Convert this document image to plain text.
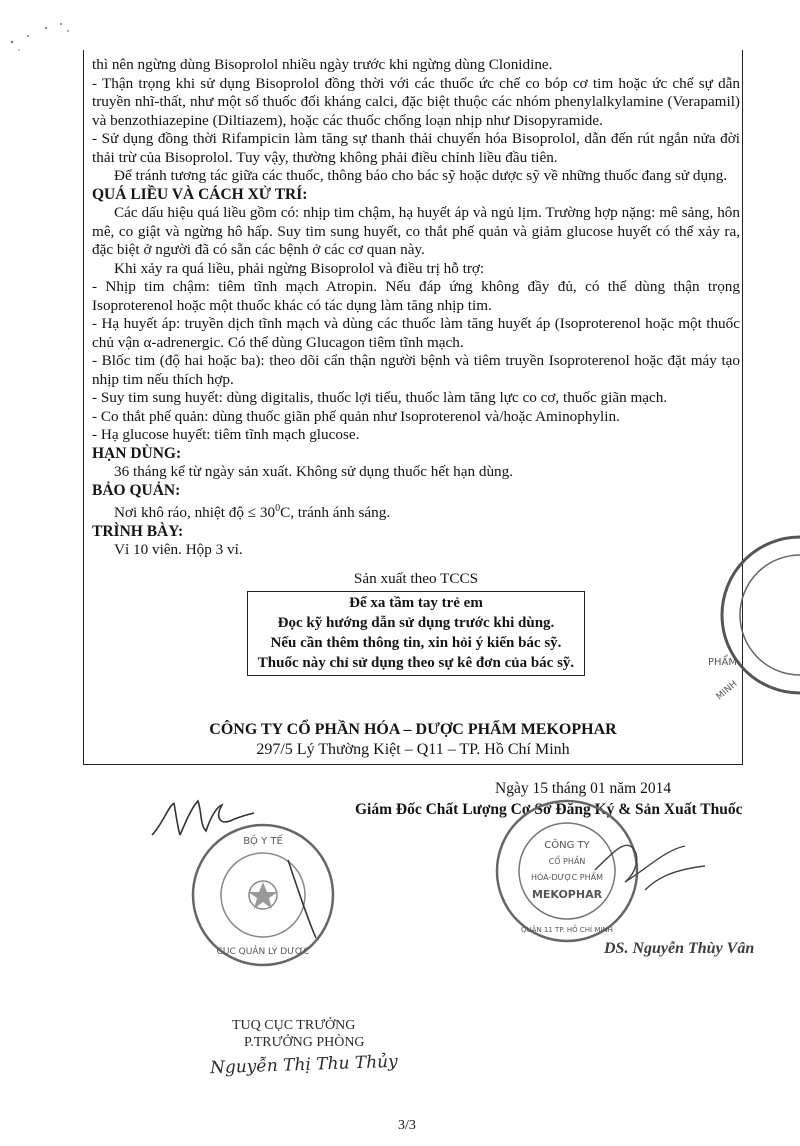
thì nên ngừng dùng Bisoprolol nhiều ngày trước khi ngừng dùng Clonidine.

- Thận trọng khi sử dụng Bisoprolol đồng thời với các thuốc ức chế co bóp cơ tim hoặc ức chế sự dẫn truyền nhĩ-thất, như một số thuốc đối kháng calci, đặc biệt thuộc các nhóm phenylalkylamine (Verapamil) và benzothiazepine (Diltiazem), hoặc các thuốc chống loạn nhịp như Disopyramide.

- Sử dụng đồng thời Rifampicin làm tăng sự thanh thải chuyển hóa Bisoprolol, dẫn đến rút ngắn nửa đời thải trừ của Bisoprolol. Tuy vậy, thường không phải điều chỉnh liều đầu tiên.

Để tránh tương tác giữa các thuốc, thông báo cho bác sỹ hoặc dược sỹ về những thuốc đang sử dụng.

QUÁ LIỀU VÀ CÁCH XỬ TRÍ:

Các dấu hiệu quá liều gồm có: nhịp tim chậm, hạ huyết áp và ngủ lịm. Trường hợp nặng: mê sảng, hôn mê, co giật và ngừng hô hấp. Suy tim sung huyết, co thắt phế quản và giảm glucose huyết có thể xảy ra, đặc biệt ở người đã có sẵn các bệnh ở các cơ quan này.

Khi xảy ra quá liều, phải ngừng Bisoprolol và điều trị hỗ trợ:

- Nhịp tim chậm: tiêm tĩnh mạch Atropin. Nếu đáp ứng không đầy đủ, có thể dùng thận trọng Isoproterenol hoặc một thuốc khác có tác dụng làm tăng nhịp tim.

- Hạ huyết áp: truyền dịch tĩnh mạch và dùng các thuốc làm tăng huyết áp (Isoproterenol hoặc một thuốc chủ vận α-adrenergic. Có thể dùng Glucagon tiêm tĩnh mạch.

- Blốc tim (độ hai hoặc ba): theo dõi cẩn thận người bệnh và tiêm truyền Isoproterenol hoặc đặt máy tạo nhịp tim nếu thích hợp.

- Suy tim sung huyết: dùng digitalis, thuốc lợi tiểu, thuốc làm tăng lực co cơ, thuốc giãn mạch.

- Co thắt phế quản: dùng thuốc giãn phế quản như Isoproterenol và/hoặc Aminophylin.

- Hạ glucose huyết: tiêm tĩnh mạch glucose.

HẠN DÙNG:

36 tháng kể từ ngày sản xuất. Không sử dụng thuốc hết hạn dùng.

BẢO QUẢN:

Nơi khô ráo, nhiệt độ ≤ $30^0C$, tránh ánh sáng.

TRÌNH BÀY:

Vỉ 10 viên. Hộp 3 vỉ.

Sản xuất theo TCCS

Để xa tầm tay trẻ em
Đọc kỹ hướng dẫn sử dụng trước khi dùng.
Nếu cần thêm thông tin, xin hỏi ý kiến bác sỹ.
Thuốc này chỉ sử dụng theo sự kê đơn của bác sỹ.
CÔNG TY CỔ PHẦN HÓA – DƯỢC PHẨM MEKOPHAR
297/5 Lý Thường Kiệt – Q11 – TP. Hồ Chí Minh
PHẨM
MINH
Ngày 15 tháng 01 năm 2014
Giám Đốc Chất Lượng Cơ Sở Đăng Ký & Sản Xuất Thuốc
CÔNG TY
CỔ PHẦN
HÓA-DƯỢC PHẨM
MEKOPHAR
QUẬN 11 TP. HỒ CHÍ MINH
DS. Nguyễn Thùy Vân
BỘ Y TẾ
CỤC QUẢN LÝ DƯỢC
TUQ CỤC TRƯỞNG
P.TRƯỞNG PHÒNG
Nguyễn Thị Thu Thủy
3/3
